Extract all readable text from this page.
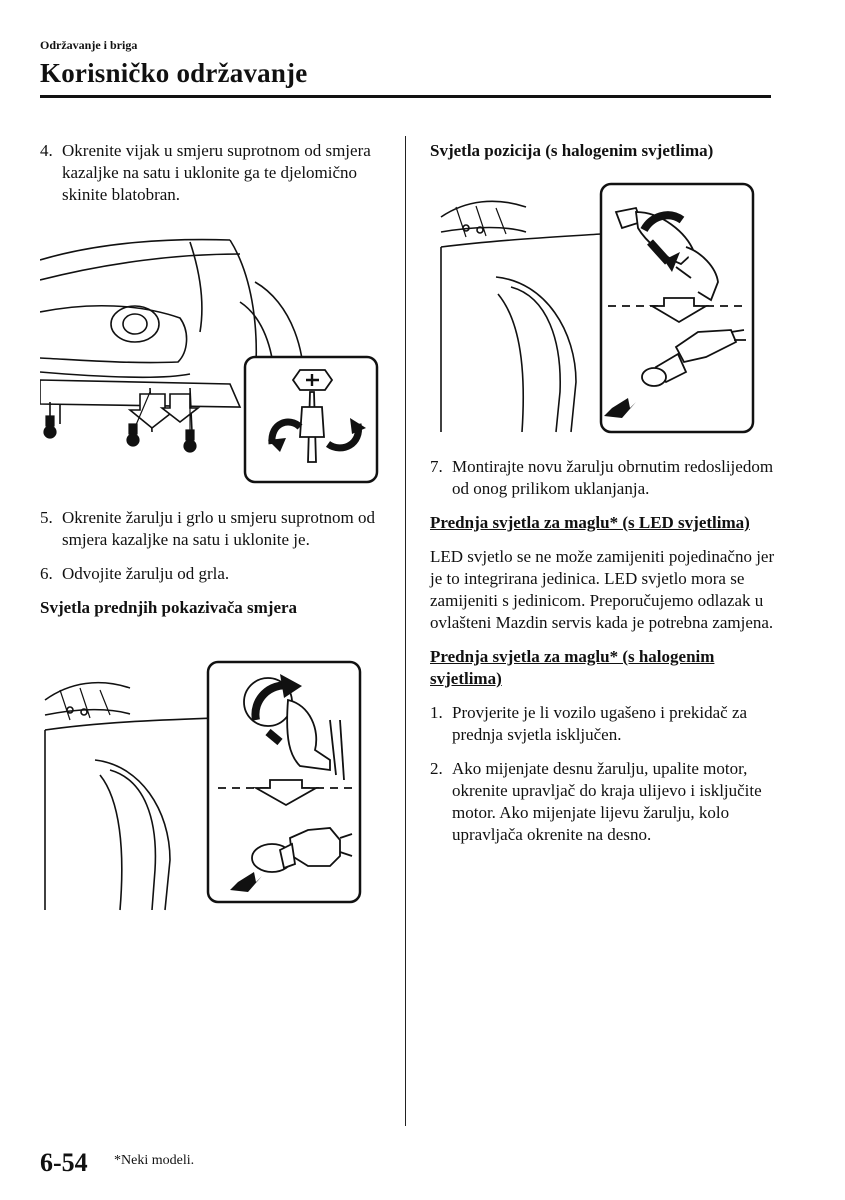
Održavanje i briga
Korisničko održavanje
4. Okrenite vijak u smjeru suprotnom od smjera kazaljke na satu i uklonite ga te djelomično skinite blatobran.
5. Okrenite žarulju i grlo u smjeru suprotnom od smjera kazaljke na satu i uklonite je.
6. Odvojite žarulju od grla.
Svjetla prednjih pokazivača smjera
Svjetla pozicija (s halogenim svjetlima)
7. Montirajte novu žarulju obrnutim redoslijedom od onog prilikom uklanjanja.
Prednja svjetla za maglu* (s LED svjetlima)
LED svjetlo se ne može zamijeniti pojedinačno jer je to integrirana jedinica. LED svjetlo mora se zamijeniti s jedinicom. Preporučujemo odlazak u ovlašteni Mazdin servis kada je potrebna zamjena.
Prednja svjetla za maglu* (s halogenim svjetlima)
1. Provjerite je li vozilo ugašeno i prekidač za prednja svjetla isključen.
2. Ako mijenjate desnu žarulju, upalite motor, okrenite upravljač do kraja ulijevo i isključite motor. Ako mijenjate lijevu žarulju, kolo upravljača okrenite na desno.
6-54 *Neki modeli.
